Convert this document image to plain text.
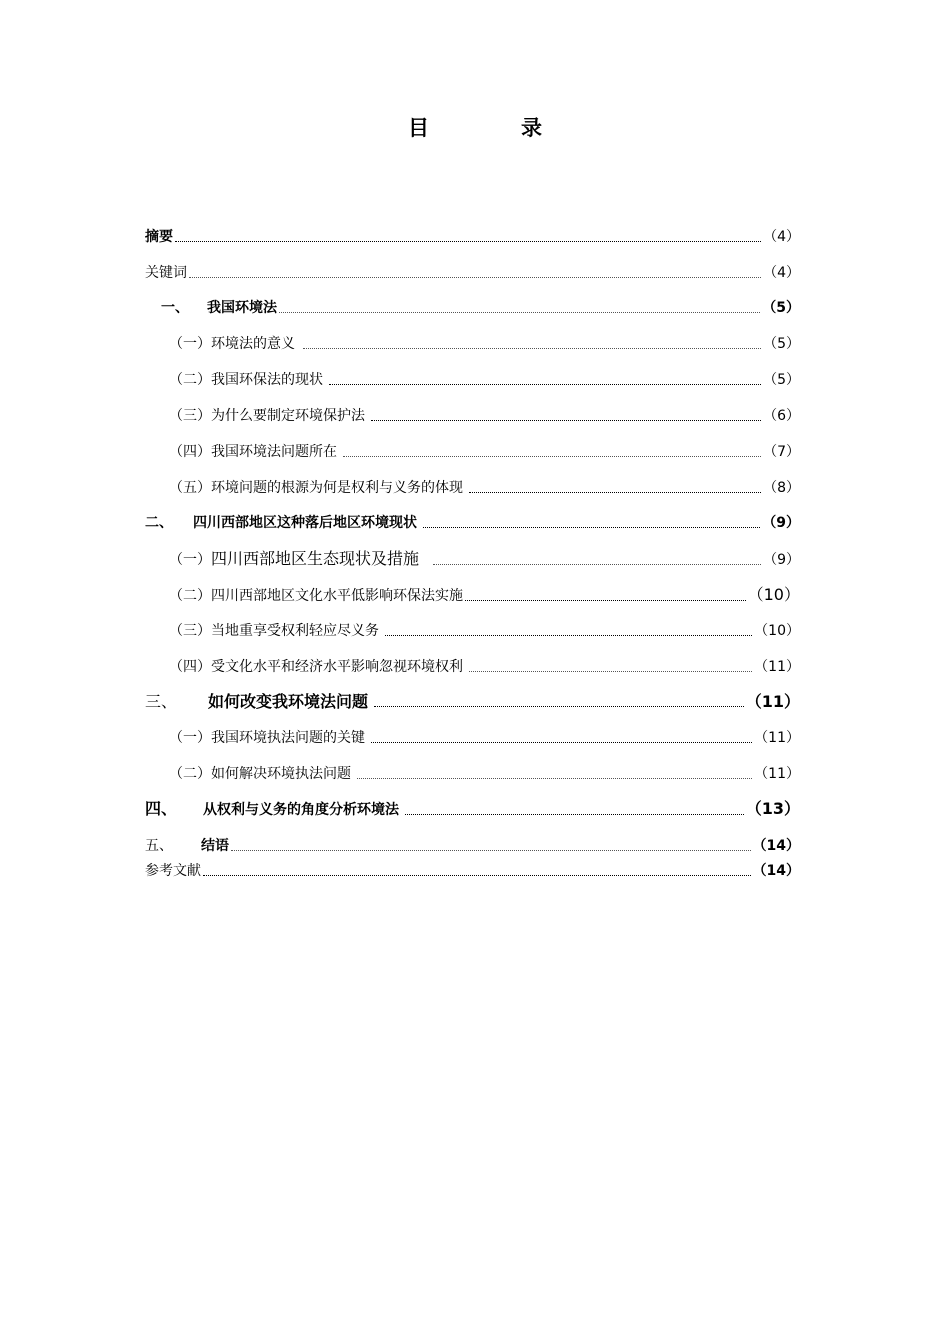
目	录
摘要	（4）
关键词	（4）
一、 我国环境法	（5）
（一）环境法的意义	（5）
（二）我国环保法的现状	（5）
（三）为什么要制定环境保护法	（6）
（四）我国环境法问题所在	（7）
（五）环境问题的根源为何是权利与义务的体现	（8）
二、 四川西部地区这种落后地区环境现状	（9）
（一）四川西部地区生态现状及措施	（9）
（二）四川西部地区文化水平低影响环保法实施	（10）
（三）当地重享受权利轻应尽义务	（10）
（四）受文化水平和经济水平影响忽视环境权利	（11）
三、 如何改变我环境法问题	（11）
（一）我国环境执法问题的关键	（11）
（二）如何解决环境执法问题	（11）
四、 从权利与义务的角度分析环境法	（13）
五、 结语	（14）
参考文献	（14）
